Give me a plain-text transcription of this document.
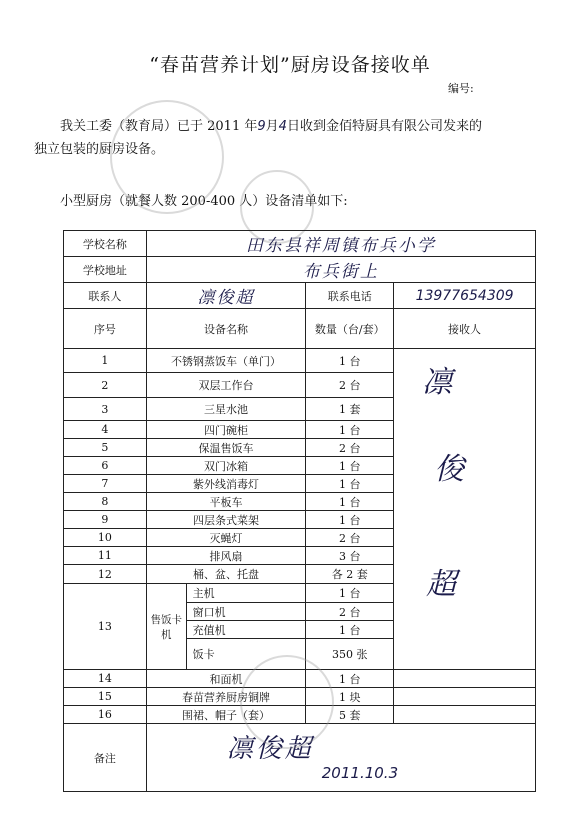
“春苗营养计划”厨房设备接收单
编号:
我关工委（教育局）已于 2011 年9月4日收到金佰特厨具有限公司发来的
独立包装的厨房设备。
小型厨房（就餐人数 200-400 人）设备清单如下:
学校名称	田东县祥周镇布兵小学			
学校地址	布兵街上			
联系人	凛俊超		联系电话	13977654309
序号	设备名称		数量（台/套）	接收人
1	不锈钢蒸饭车（单门）		1 台	凛
俊
超

2	双层工作台		2 台	
3	三星水池		1 套	
4	四门碗柜		1 台	
5	保温售饭车		2 台	
6	双门冰箱		1 台	
7	紫外线消毒灯		1 台	
8	平板车		1 台	
9	四层条式菜架		1 台	
10	灭蝇灯		2 台	
11	排风扇		3 台	
12	桶、盆、托盘		各 2 套	
13	售饭卡机	主机	1 台	
		窗口机	2 台	
		充值机	1 台	
		饭卡	350 张	
14	和面机		1 台	
15	春苗营养厨房铜牌		1 块	
16	围裙、帽子（套）		5 套	
备注	凛俊超
2011.10.3			
